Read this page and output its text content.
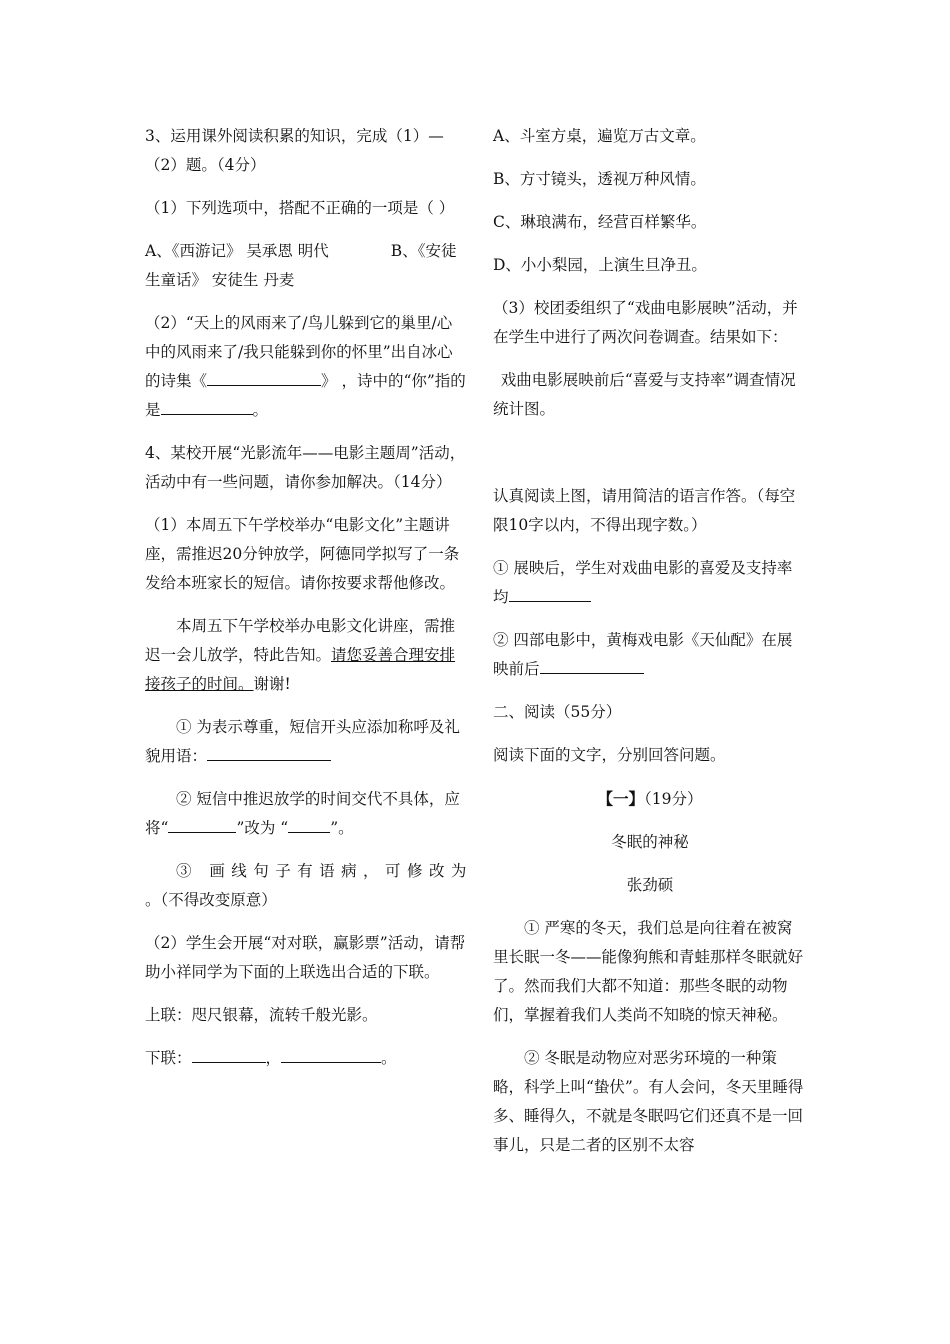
3、运用课外阅读积累的知识，完成（1）—（2）题。（4分）

（1）下列选项中，搭配不正确的一项是（ ）

A、《西游记》 吴承恩 明代　　　　B、《安徒生童话》 安徒生 丹麦

（2）“天上的风雨来了/鸟儿躲到它的巢里/心中的风雨来了/我只能躲到你的怀里”出自冰心的诗集《	》 ，诗中的“你”指的是	。

4、某校开展“光影流年——电影主题周”活动，活动中有一些问题，请你参加解决。（14分）

（1）本周五下午学校举办“电影文化”主题讲座，需推迟20分钟放学，阿德同学拟写了一条发给本班家长的短信。请你按要求帮他修改。

本周五下午学校举办电影文化讲座，需推迟一会儿放学，特此告知。请您妥善合理安排接孩子的时间。谢谢!

① 为表示尊重，短信开头应添加称呼及礼貌用语：

② 短信中推迟放学的时间交代不具体，应将“	”改为 “	”。

③ 画线句子有语病，可修改为
。（不得改变原意）

（2）学生会开展“对对联，赢影票”活动，请帮助小祥同学为下面的上联选出合适的下联。

上联：咫尺银幕，流转千般光影。

下联：	，	。

A、斗室方桌，遍览万古文章。

B、方寸镜头，透视万种风情。

C、琳琅满布，经营百样繁华。

D、小小梨园，上演生旦净丑。

（3）校团委组织了“戏曲电影展映”活动，并在学生中进行了两次问卷调查。结果如下：

戏曲电影展映前后“喜爱与支持率”调查情况统计图。

认真阅读上图，请用简洁的语言作答。（每空限10字以内，不得出现字数。）

① 展映后，学生对戏曲电影的喜爱及支持率均

② 四部电影中，黄梅戏电影《天仙配》在展映前后

二、阅读（55分）

阅读下面的文字，分别回答问题。

【一】（19分）

冬眠的神秘

张劲硕

① 严寒的冬天，我们总是向往着在被窝里长眠一冬——能像狗熊和青蛙那样冬眠就好了。然而我们大都不知道：那些冬眠的动物们，掌握着我们人类尚不知晓的惊天神秘。

② 冬眠是动物应对恶劣环境的一种策略，科学上叫“蛰伏”。有人会问，冬天里睡得多、睡得久，不就是冬眠吗它们还真不是一回事儿，只是二者的区别不太容
